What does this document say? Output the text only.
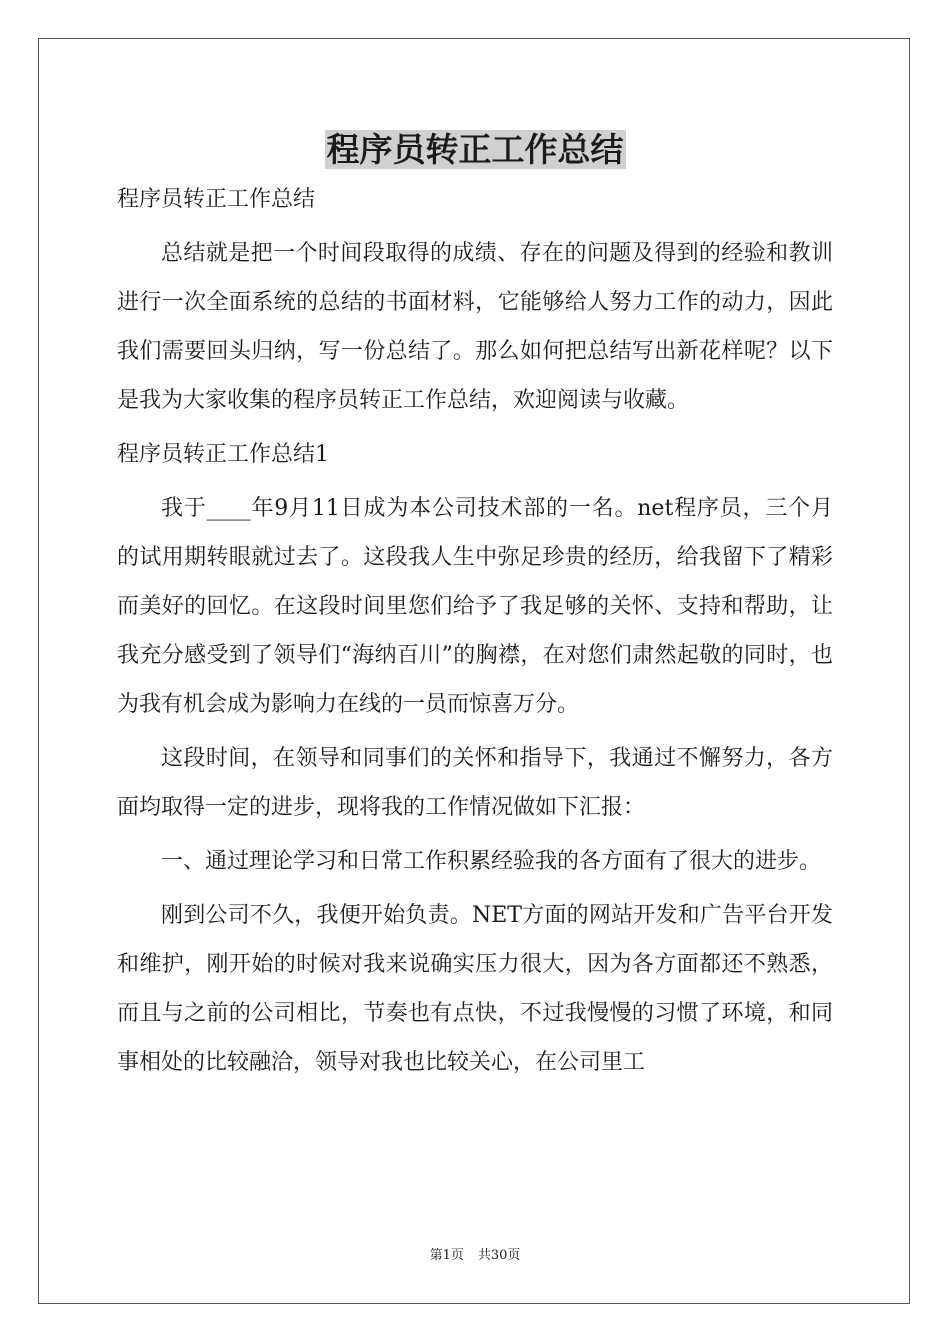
程序员转正工作总结

程序员转正工作总结

总结就是把一个时间段取得的成绩、存在的问题及得到的经验和教训进行一次全面系统的总结的书面材料，它能够给人努力工作的动力，因此我们需要回头归纳，写一份总结了。那么如何把总结写出新花样呢？以下是我为大家收集的程序员转正工作总结，欢迎阅读与收藏。

程序员转正工作总结1

我于____年9月11日成为本公司技术部的一名。net程序员，三个月的试用期转眼就过去了。这段我人生中弥足珍贵的经历，给我留下了精彩而美好的回忆。在这段时间里您们给予了我足够的关怀、支持和帮助，让我充分感受到了领导们“海纳百川”的胸襟，在对您们肃然起敬的同时，也为我有机会成为影响力在线的一员而惊喜万分。

这段时间，在领导和同事们的关怀和指导下，我通过不懈努力，各方面均取得一定的进步，现将我的工作情况做如下汇报：

一、通过理论学习和日常工作积累经验我的各方面有了很大的进步。

刚到公司不久，我便开始负责。NET方面的网站开发和广告平台开发和维护，刚开始的时候对我来说确实压力很大，因为各方面都还不熟悉，而且与之前的公司相比，节奏也有点快，不过我慢慢的习惯了环境，和同事相处的比较融洽，领导对我也比较关心，在公司里工

第1页 共30页
